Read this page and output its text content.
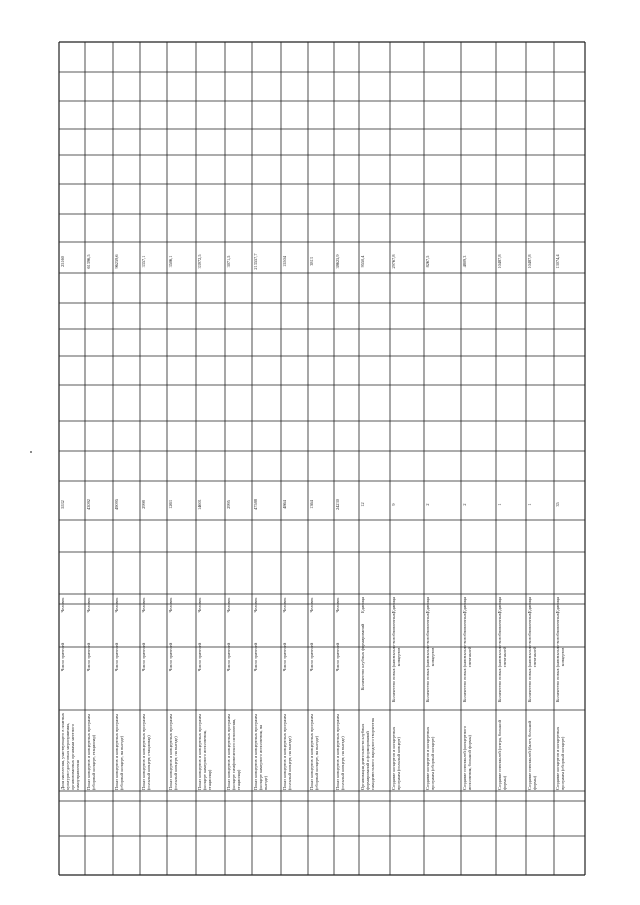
Доля населения, участвующего в платных культурно-досуговых мероприятиях, организованных органами местного самоуправления
Число зрителей
Человек
5532
25160
Показ концертов и концертных программ (сборный концерт, стационар)
Число зрителей
Человек
43092
61396,5
Показ концертов и концертных программ (сборный концерт, на выезде)
Число зрителей
Человек
49095
96259,6
Показ концертов и концертных программ (сольный концерт, стационар)
Число зрителей
Человек
2998
3357,1
Показ концертов и концертных программ (сольный концерт, на выезде)
Число зрителей
Человек
1263
3506,1
Показ концертов и концертных программ (концерт камерного исполнения, стационар)
Число зрителей
Человек
14601
33972,5
Показ концертов и концертных программ (концерт симфонического исполнения, стационар)
Число зрителей
Человек
2995
3071,5
Показ концертов и концертных программ (концерт камерного исполнения, на выезде)
Число зрителей
Человек
47588
213557,7
Показ концертов и концертных программ (сольный концерт, на выезде)
Число зрителей
Человек
4864
15504
Показ концертов и концертных программ (сборный концерт, на выезде)
Число зрителей
Человек
1364
3813
Показ концертов и концертных программ (сольный концерт, на выезде)
Число зрителей
Человек
24230
38625,9
Организация деятельности клубных формирований и формирований самодеятельного народного творчества
Количество клубных формирований
Единица
12
9550,4
Создание концертов и концертных программ (сольный концерт)
Количество новых (капитально-возобновленных) концертов
Единица
9
29767,8
Создание концертов и концертных программ (сборный концерт)
Количество новых (капитально-возобновленных) концертов
Единица
2
8267,5
Создание спектаклей (концертного исполнения, большой формы)
Количество новых (капитально-возобновленных) спектаклей
Единица
2
4809,3
Создание спектаклей (опера, большой формы)
Количество новых (капитально-возобновленных) спектаклей
Единица
1
10487,8
Создание спектаклей (балет, большой формы)
Количество новых (капитально-возобновленных) спектаклей
Единица
1
10487,8
Создание концертов и концертных программ (сборный концерт)
Количество новых (капитально-возобновленных) концертов
Единица
35
13074,4
